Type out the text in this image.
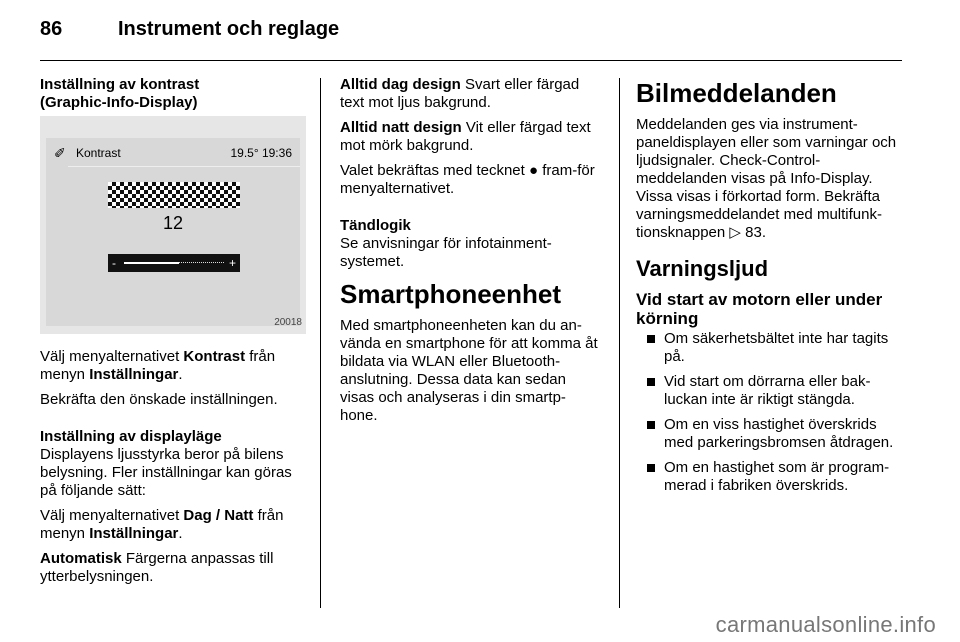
86	Instrument och reglage
Inställning av kontrast
(Graphic-Info-Display)
✐ Kontrast	19.5° 19:36
12
-	+
20018

Välj menyalternativet Kontrast från menyn Inställningar.

Bekräfta den önskade inställningen.

Inställning av displayläge

Displayens ljusstyrka beror på bilens belysning. Fler inställningar kan göras på följande sätt:

Välj menyalternativet Dag / Natt från menyn Inställningar.

Automatisk Färgerna anpassas till ytterbelysningen.

Alltid dag design Svart eller färgad text mot ljus bakgrund.

Alltid natt design Vit eller färgad text mot mörk bakgrund.

Valet bekräftas med tecknet ● fram-för menyalternativet.

Tändlogik

Se anvisningar för infotainment-systemet.

Smartphoneenhet

Med smartphoneenheten kan du an-vända en smartphone för att komma åt bildata via WLAN eller Bluetooth-anslutning. Dessa data kan sedan visas och analyseras i din smartp-hone.

Bilmeddelanden

Meddelanden ges via instrument-paneldisplayen eller som varningar och ljudsignaler. Check-Control-meddelanden visas på Info-Display. Vissa visas i förkortad form. Bekräfta varningsmeddelandet med multifunk-tionsknappen ▷ 83.

Varningsljud
Vid start av motorn eller under körning
Om säkerhetsbältet inte har tagits på.
Vid start om dörrarna eller bak-luckan inte är riktigt stängda.
Om en viss hastighet överskrids med parkeringsbromsen åtdragen.
Om en hastighet som är program-merad i fabriken överskrids.
carmanualsonline.info
